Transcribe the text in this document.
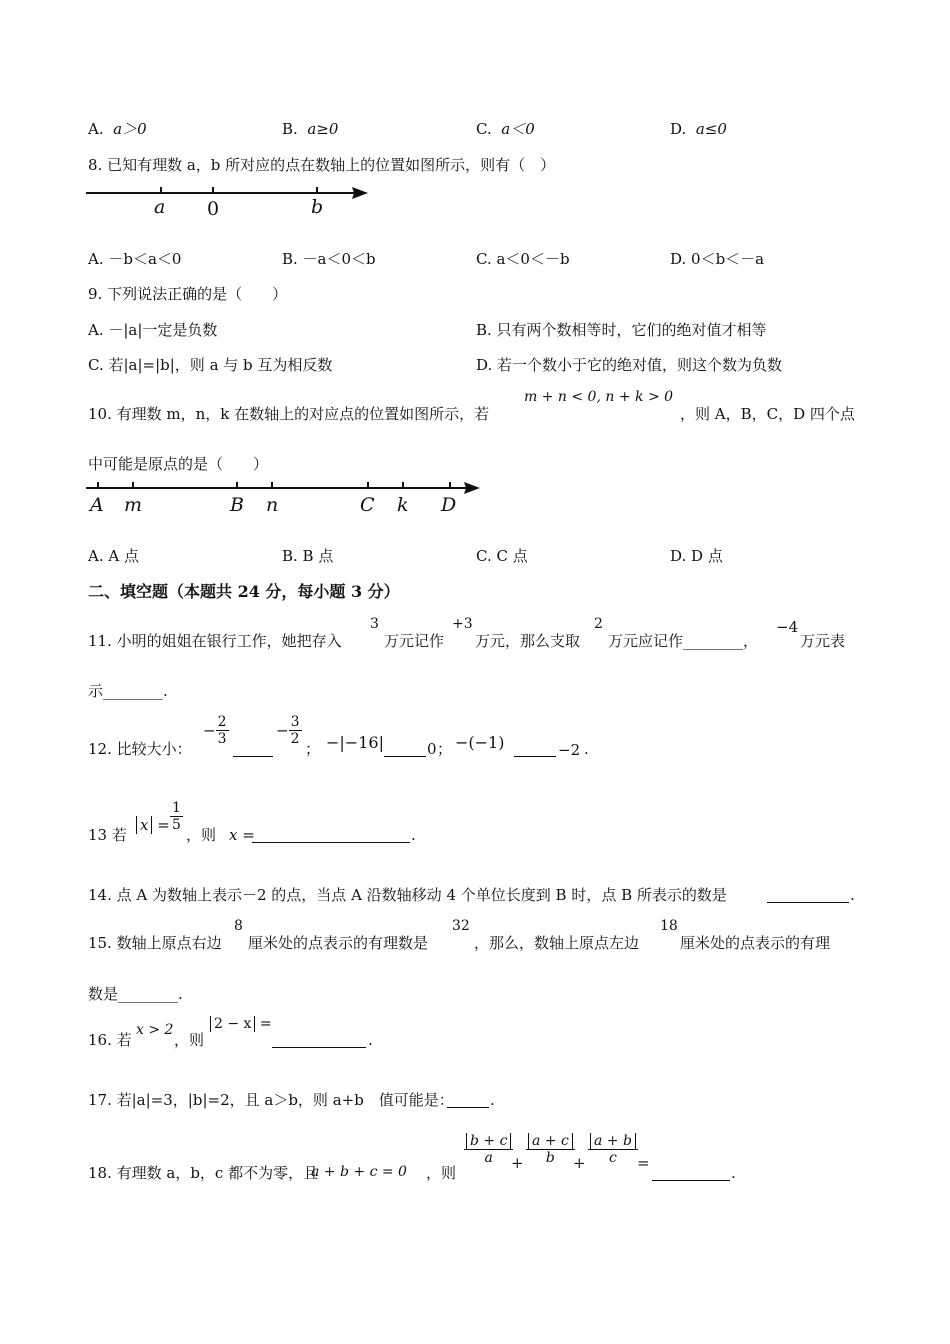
A. a＞0	B. a≥0	C. a＜0	D. a≤0
8. 已知有理数 a，b 所对应的点在数轴上的位置如图所示，则有（　）
a 0	b
A. －b＜a＜0	B. －a＜0＜b	C. a＜0＜－b	D. 0＜b＜－a
9. 下列说法正确的是（　　）
A. －|a|一定是负数	B. 只有两个数相等时，它们的绝对值才相等
C. 若|a|=|b|，则 a 与 b 互为相反数	D. 若一个数小于它的绝对值，则这个数为负数
10. 有理数 m，n，k 在数轴上的对应点的位置如图所示，若
m + n < 0, n + k > 0
，则 A，B，C，D 四个点
中可能是原点的是（　　）
A m	B n	C k D
A. A 点	B. B 点	C. C 点	D. D 点
二、填空题（本题共 24 分，每小题 3 分）
11. 小明的姐姐在银行工作，她把存入
3
万元记作
+3
万元，那么支取
2
万元应记作________，
−4
万元表
示________.
12. 比较大小：
− $\frac{2}{3}$	− $\frac{3}{2}$
； −|−16|	0 ； −(−1)	−2 .
13 若
$x = \frac{1}{5}$
，则 x =	.
14. 点 A 为数轴上表示－2 的点，当点 A 沿数轴移动 4 个单位长度到 B 时，点 B 所表示的数是	.
15. 数轴上原点右边
8
厘米处的点表示的有理数是
32
，那么，数轴上原点左边
18
厘米处的点表示的有理
数是________.
16. 若
x > 2
，则
2 − x =
.
17. 若|a|=3，|b|=2，且 a＞b，则 a+b　值可能是： .
18. 有理数 a，b，c 都不为零，且
a + b + c = 0 ，则
$\frac{b + c}{a}$
+ $\frac{a + c}{b}$
+ $\frac{a + b}{c}$ =
.
